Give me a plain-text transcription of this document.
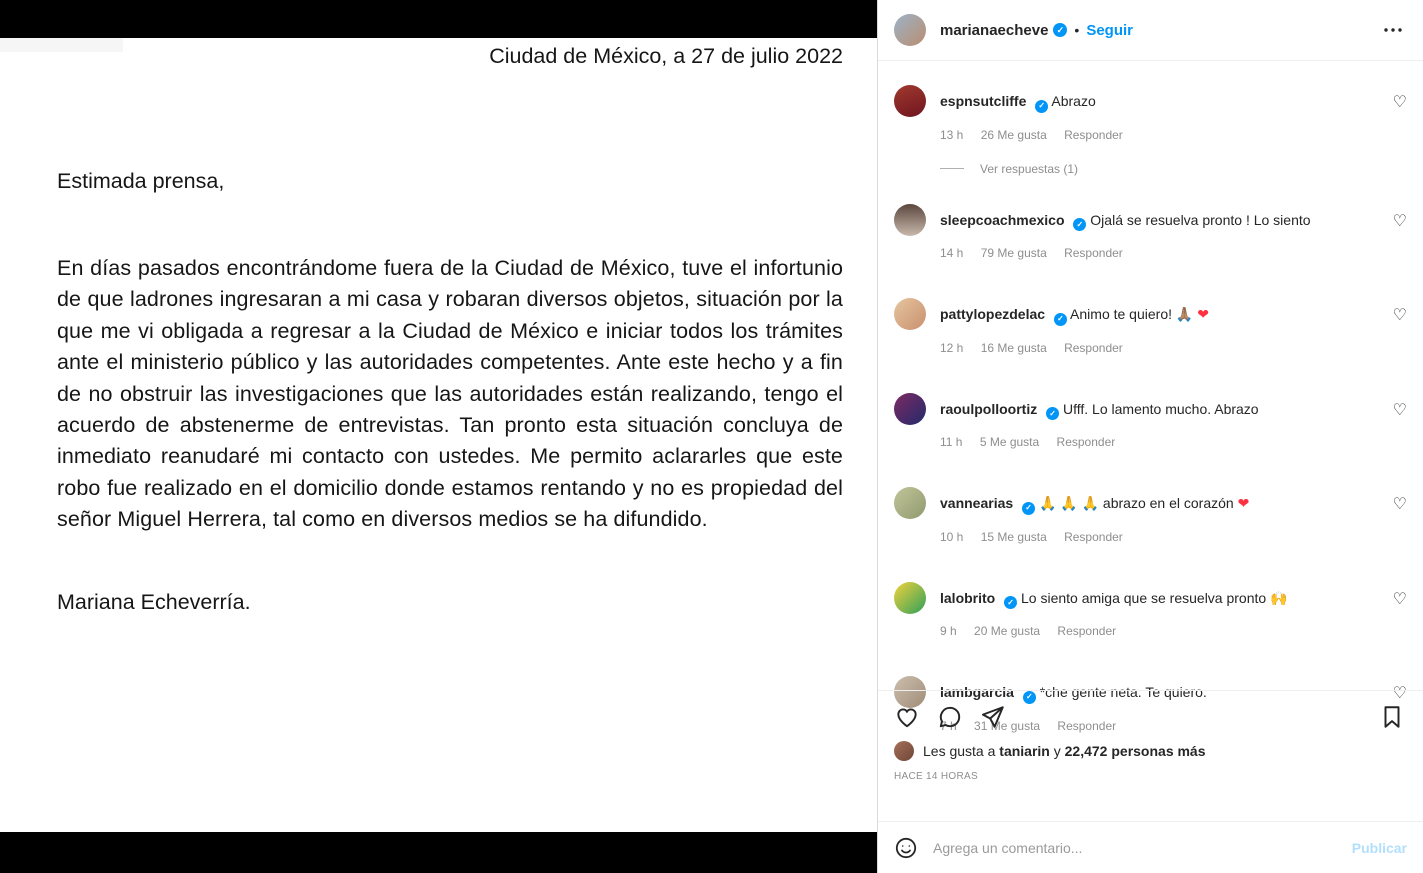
Ciudad de México, a 27 de julio 2022
Estimada prensa,
En días pasados encontrándome fuera de la Ciudad de México, tuve el infortunio de que ladrones ingresaran a mi casa y robaran diversos objetos, situación por la que me vi obligada a regresar a la Ciudad de México e iniciar todos los trámites ante el ministerio público y las autoridades competentes. Ante este hecho y a fin de no obstruir las investigaciones que las autoridades están realizando, tengo el acuerdo de abstenerme de entrevistas. Tan pronto esta situación concluya de inmediato reanudaré mi contacto con ustedes. Me permito aclararles que este robo fue realizado en el domicilio donde estamos rentando y no es propiedad del señor Miguel Herrera, tal como en diversos medios se ha difundido.
Mariana Echeverría.
marianaecheve ✓ • Seguir
espnsutcliffe ✓ Abrazo
13 h 26 Me gusta Responder
♡
Ver respuestas (1)
sleepcoachmexico ✓ Ojalá se resuelva pronto ! Lo siento
14 h 79 Me gusta Responder
♡
pattylopezdelac ✓ Animo te quiero! 🙏🏽 ❤
12 h 16 Me gusta Responder
♡
raoulpolloortiz ✓ Ufff. Lo lamento mucho. Abrazo
11 h 5 Me gusta Responder
♡
vannearias ✓ 🙏 🙏 🙏 abrazo en el corazón ❤
10 h 15 Me gusta Responder
♡
lalobrito ✓ Lo siento amiga que se resuelva pronto 🙌
9 h 20 Me gusta Responder
♡
lambgarcia ✓ *che gente neta. Te quiero.
7 h 31 Me gusta Responder
♡
Les gusta a taniarin y 22,472 personas más
HACE 14 HORAS
Agrega un comentario...
Publicar
